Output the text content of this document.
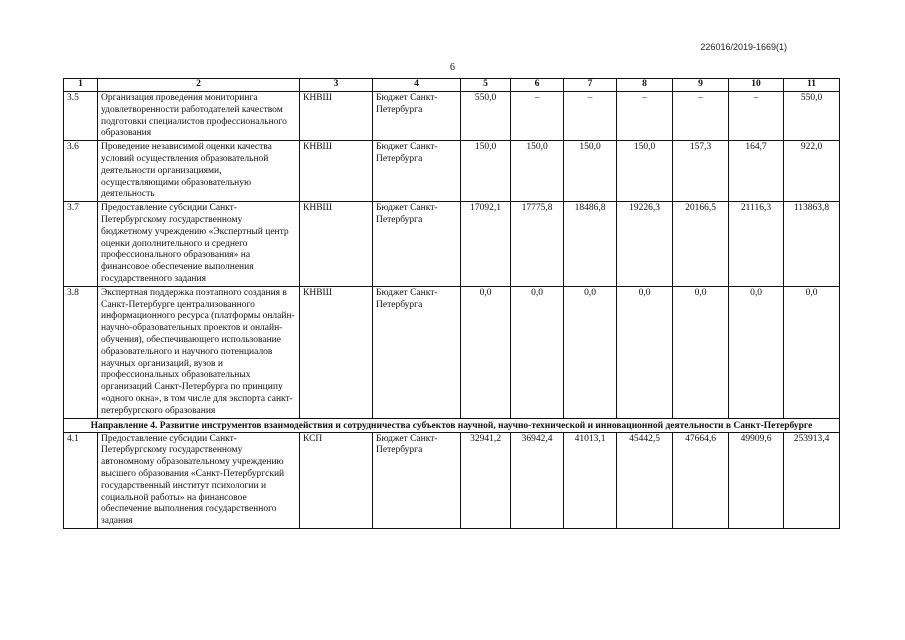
226016/2019-1669(1)
6
1	2	3	4	5	6	7	8	9	10	11
3.5	Организация проведения мониторинга удовлетворенности работодателей качеством подготовки специалистов профессионального образования	КНВШ	Бюджет Санкт-Петербурга	550,0	–	–	–	–	–	550,0
3.6	Проведение независимой оценки качества условий осуществления образовательной деятельности организациями, осуществляющими образовательную деятельность	КНВШ	Бюджет Санкт-Петербурга	150,0	150,0	150,0	150,0	157,3	164,7	922,0
3.7	Предоставление субсидии Санкт-Петербургскому государственному бюджетному учреждению «Экспертный центр оценки дополнительного и среднего профессионального образования» на финансовое обеспечение выполнения государственного задания	КНВШ	Бюджет Санкт-Петербурга	17092,1	17775,8	18486,8	19226,3	20166,5	21116,3	113863,8
3.8	Экспертная поддержка поэтапного создания в Санкт-Петербурге централизованного информационного ресурса (платформы онлайн-научно-образовательных проектов и онлайн-обучения), обеспечивающего использование образовательного и научного потенциалов научных организаций, вузов и профессиональных образовательных организаций Санкт-Петербурга по принципу «одного окна», в том числе для экспорта санкт-петербургского образования	КНВШ	Бюджет Санкт-Петербурга	0,0	0,0	0,0	0,0	0,0	0,0	0,0
Направление 4. Развитие инструментов взаимодействия и сотрудничества субъектов научной, научно-технической и инновационной деятельности в Санкт-Петербурге										
4.1	Предоставление субсидии Санкт-Петербургскому государственному автономному образовательному учреждению высшего образования «Санкт-Петербургский государственный институт психологии и социальной работы» на финансовое обеспечение выполнения государственного задания	КСП	Бюджет Санкт-Петербурга	32941,2	36942,4	41013,1	45442,5	47664,6	49909,6	253913,4
